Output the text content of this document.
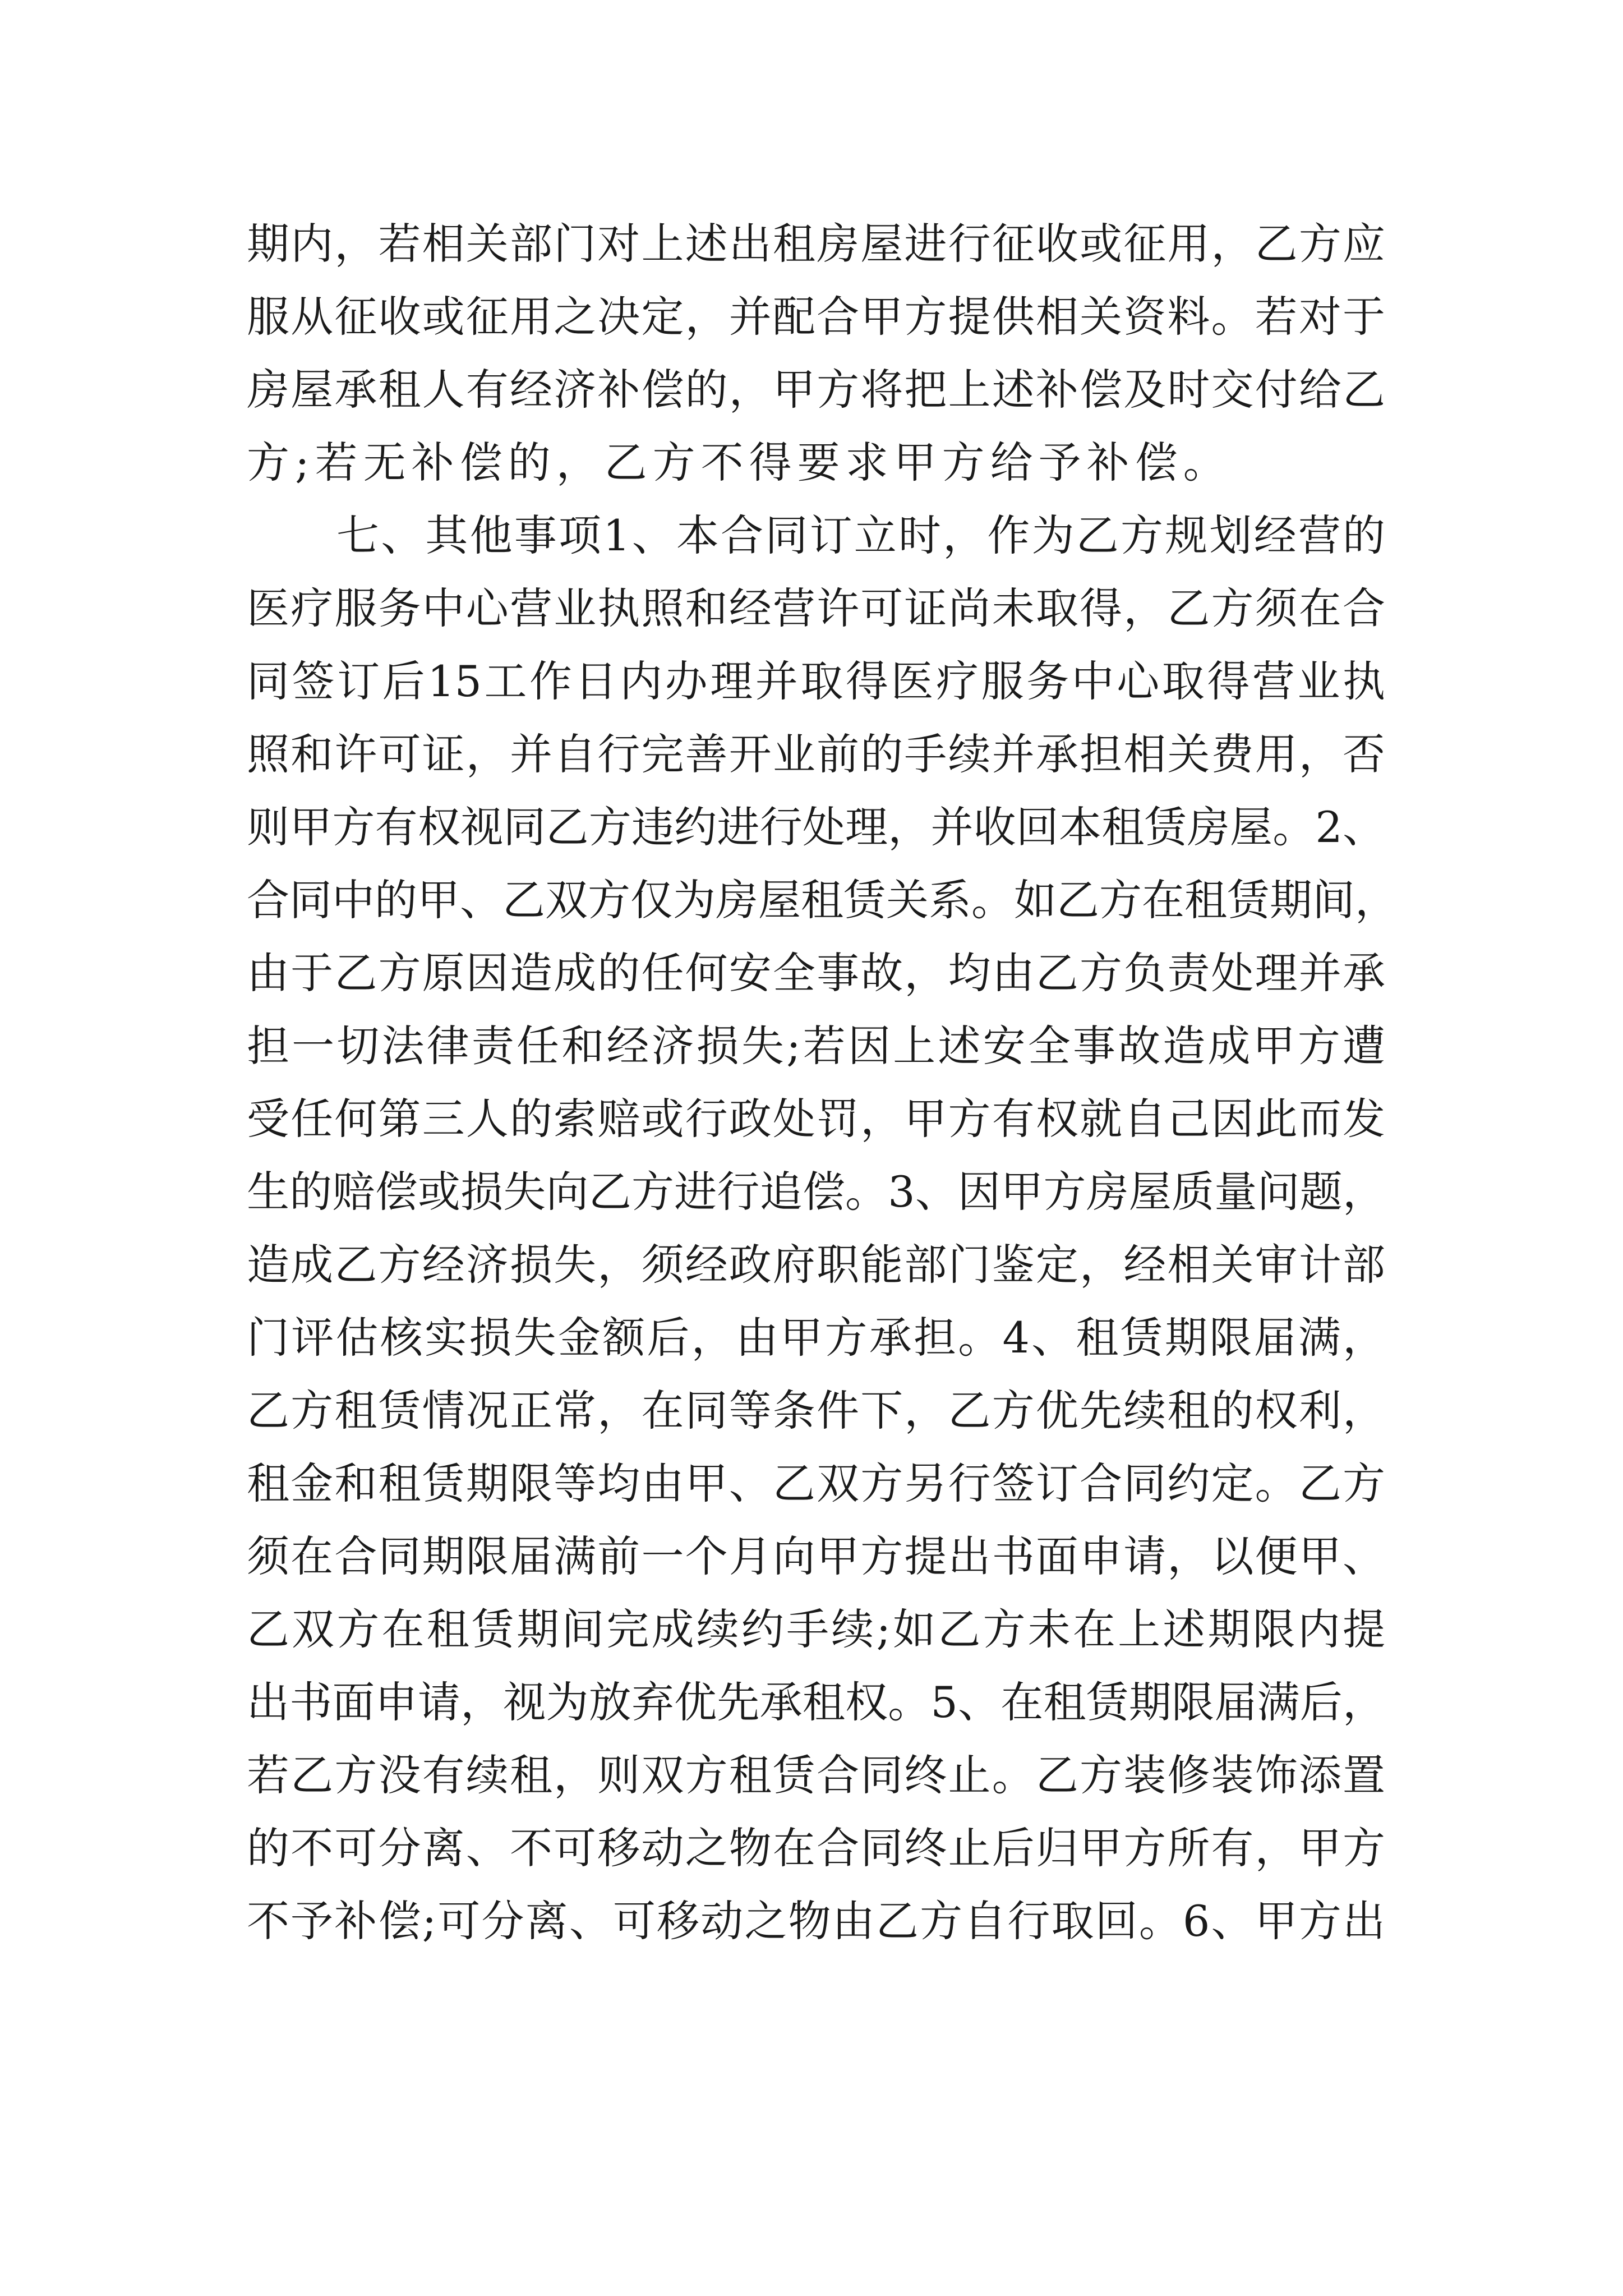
期内，若相关部门对上述出租房屋进行征收或征用，乙方应
服从征收或征用之决定，并配合甲方提供相关资料。若对于
房屋承租人有经济补偿的，甲方将把上述补偿及时交付给乙
方;若无补偿的，乙方不得要求甲方给予补偿。
七、其他事项1、本合同订立时，作为乙方规划经营的
医疗服务中心营业执照和经营许可证尚未取得，乙方须在合
同签订后15工作日内办理并取得医疗服务中心取得营业执
照和许可证，并自行完善开业前的手续并承担相关费用，否
则甲方有权视同乙方违约进行处理，并收回本租赁房屋。2、
合同中的甲、乙双方仅为房屋租赁关系。如乙方在租赁期间，
由于乙方原因造成的任何安全事故，均由乙方负责处理并承
担一切法律责任和经济损失;若因上述安全事故造成甲方遭
受任何第三人的索赔或行政处罚，甲方有权就自己因此而发
生的赔偿或损失向乙方进行追偿。3、因甲方房屋质量问题，
造成乙方经济损失，须经政府职能部门鉴定，经相关审计部
门评估核实损失金额后，由甲方承担。4、租赁期限届满，
乙方租赁情况正常，在同等条件下，乙方优先续租的权利，
租金和租赁期限等均由甲、乙双方另行签订合同约定。乙方
须在合同期限届满前一个月向甲方提出书面申请，以便甲、
乙双方在租赁期间完成续约手续;如乙方未在上述期限内提
出书面申请，视为放弃优先承租权。5、在租赁期限届满后，
若乙方没有续租，则双方租赁合同终止。乙方装修装饰添置
的不可分离、不可移动之物在合同终止后归甲方所有，甲方
不予补偿;可分离、可移动之物由乙方自行取回。6、甲方出
